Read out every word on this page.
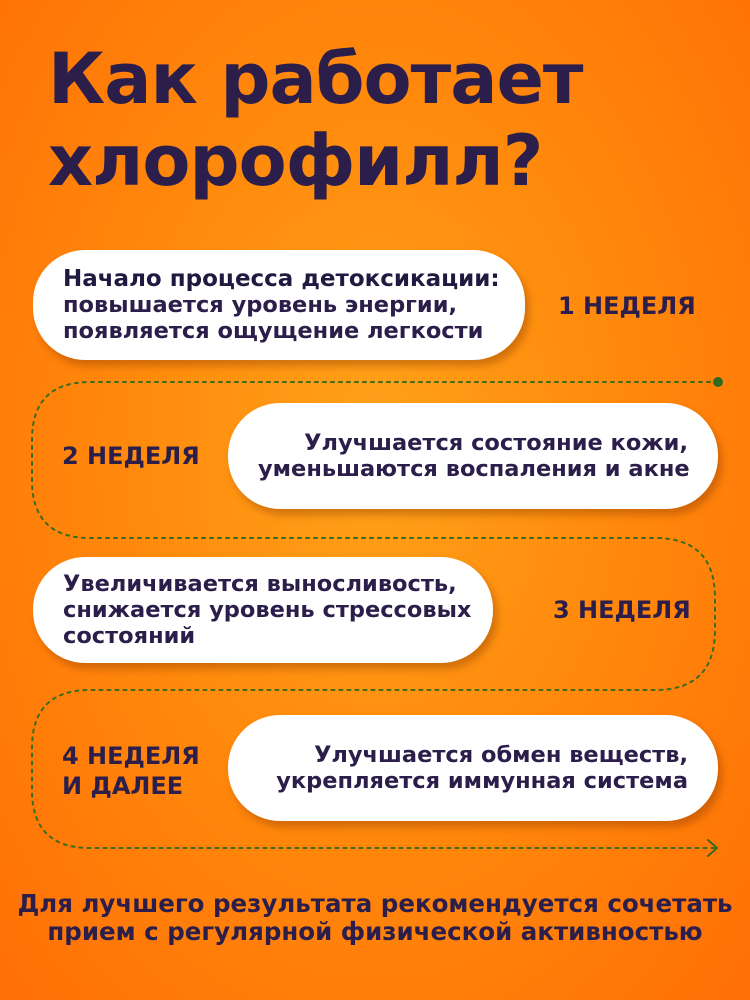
Как работает
хлорофилл?
Начало процесса детоксикации:
повышается уровень энергии,
появляется ощущение легкости
1 НЕДЕЛЯ
2 НЕДЕЛЯ	Улучшается состояние кожи,
уменьшаются воспаления и акне
Увеличивается выносливость,
снижается уровень стрессовых
состояний
3 НЕДЕЛЯ
4 НЕДЕЛЯ
И ДАЛЕЕ
Улучшается обмен веществ,
укрепляется иммунная система

Для лучшего результата рекомендуется сочетать
прием с регулярной физической активностью
